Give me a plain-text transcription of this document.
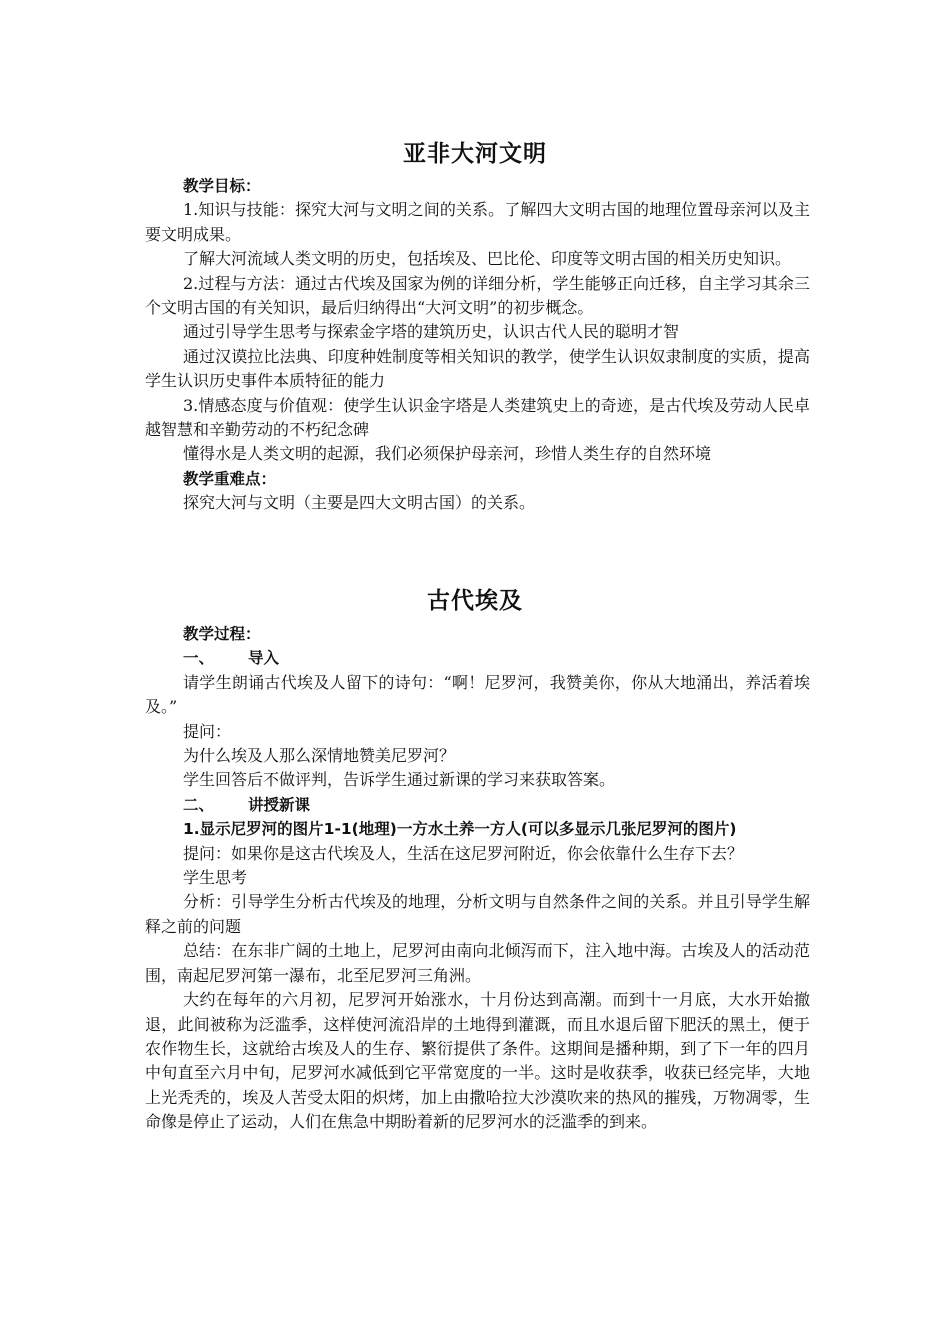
亚非大河文明

教学目标：

1.知识与技能：探究大河与文明之间的关系。了解四大文明古国的地理位置母亲河以及主要文明成果。

了解大河流域人类文明的历史，包括埃及、巴比伦、印度等文明古国的相关历史知识。

2.过程与方法：通过古代埃及国家为例的详细分析，学生能够正向迁移，自主学习其余三个文明古国的有关知识，最后归纳得出“大河文明”的初步概念。

通过引导学生思考与探索金字塔的建筑历史，认识古代人民的聪明才智

通过汉谟拉比法典、印度种姓制度等相关知识的教学，使学生认识奴隶制度的实质，提高学生认识历史事件本质特征的能力

3.情感态度与价值观：使学生认识金字塔是人类建筑史上的奇迹，是古代埃及劳动人民卓越智慧和辛勤劳动的不朽纪念碑

懂得水是人类文明的起源，我们必须保护母亲河，珍惜人类生存的自然环境

教学重难点：

探究大河与文明（主要是四大文明古国）的关系。

古代埃及

教学过程：

一、 导入

请学生朗诵古代埃及人留下的诗句：“啊！尼罗河，我赞美你，你从大地涌出，养活着埃及。”

提问：

为什么埃及人那么深情地赞美尼罗河？

学生回答后不做评判，告诉学生通过新课的学习来获取答案。

二、 讲授新课

1.显示尼罗河的图片1-1(地理)一方水土养一方人(可以多显示几张尼罗河的图片)

提问：如果你是这古代埃及人，生活在这尼罗河附近，你会依靠什么生存下去？

学生思考

分析：引导学生分析古代埃及的地理，分析文明与自然条件之间的关系。并且引导学生解释之前的问题

总结：在东非广阔的土地上，尼罗河由南向北倾泻而下，注入地中海。古埃及人的活动范围，南起尼罗河第一瀑布，北至尼罗河三角洲。

大约在每年的六月初，尼罗河开始涨水，十月份达到高潮。而到十一月底，大水开始撤退，此间被称为泛滥季，这样使河流沿岸的土地得到灌溉，而且水退后留下肥沃的黑土，便于农作物生长，这就给古埃及人的生存、繁衍提供了条件。这期间是播种期，到了下一年的四月中旬直至六月中旬，尼罗河水减低到它平常宽度的一半。这时是收获季，收获已经完毕，大地上光秃秃的，埃及人苦受太阳的炽烤，加上由撒哈拉大沙漠吹来的热风的摧残，万物凋零，生命像是停止了运动，人们在焦急中期盼着新的尼罗河水的泛滥季的到来。
